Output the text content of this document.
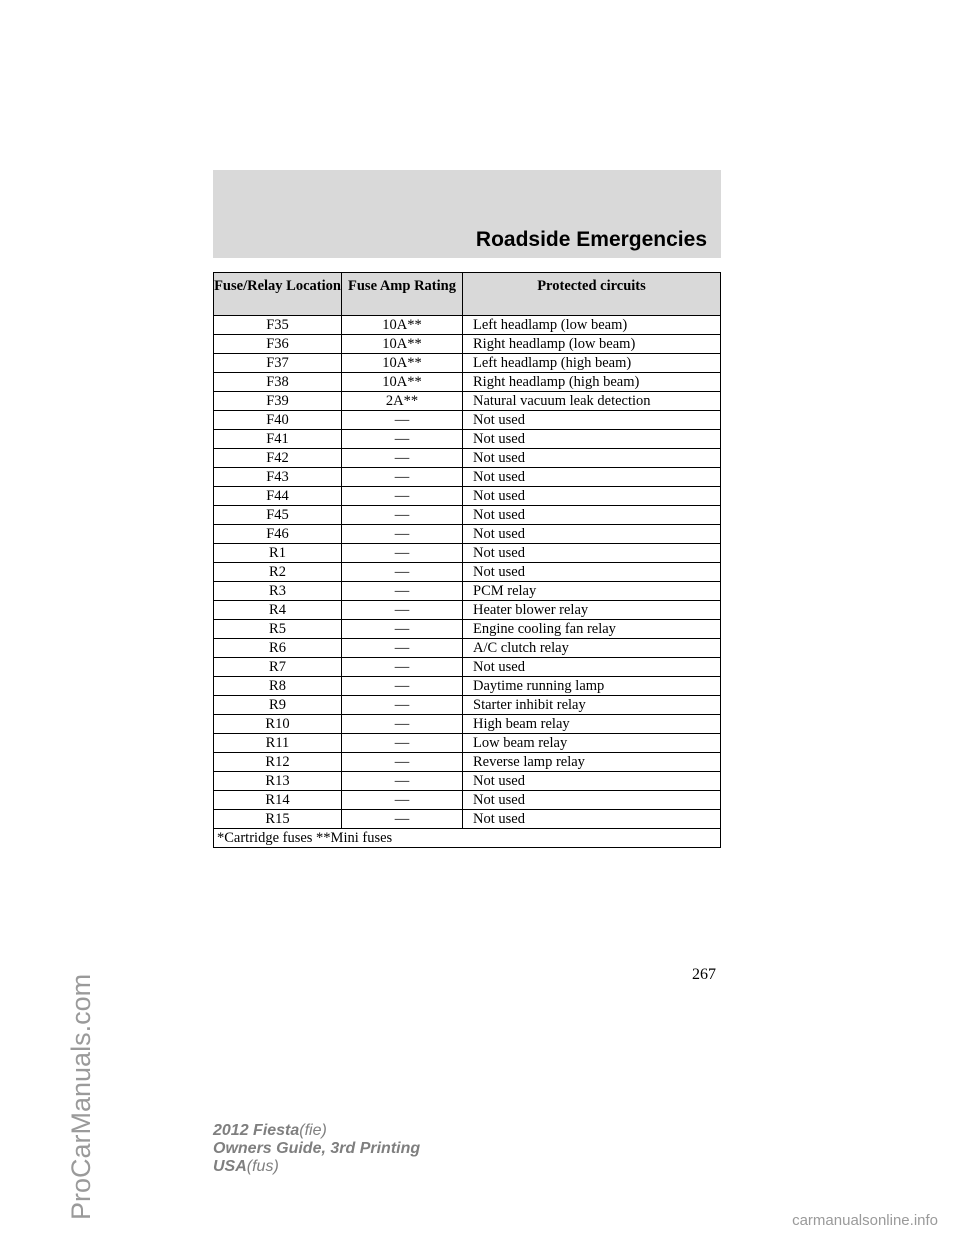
ProCarManuals.com
Roadside Emergencies
Fuse/Relay Location	Fuse Amp Rating	Protected circuits
F35	10A**	Left headlamp (low beam)
F36	10A**	Right headlamp (low beam)
F37	10A**	Left headlamp (high beam)
F38	10A**	Right headlamp (high beam)
F39	2A**	Natural vacuum leak detection
F40	—	Not used
F41	—	Not used
F42	—	Not used
F43	—	Not used
F44	—	Not used
F45	—	Not used
F46	—	Not used
R1	—	Not used
R2	—	Not used
R3	—	PCM relay
R4	—	Heater blower relay
R5	—	Engine cooling fan relay
R6	—	A/C clutch relay
R7	—	Not used
R8	—	Daytime running lamp
R9	—	Starter inhibit relay
R10	—	High beam relay
R11	—	Low beam relay
R12	—	Reverse lamp relay
R13	—	Not used
R14	—	Not used
R15	—	Not used
*Cartridge fuses **Mini fuses		
267
2012 Fiesta(fie)
Owners Guide, 3rd Printing
USA(fus)
carmanualsonline.info
